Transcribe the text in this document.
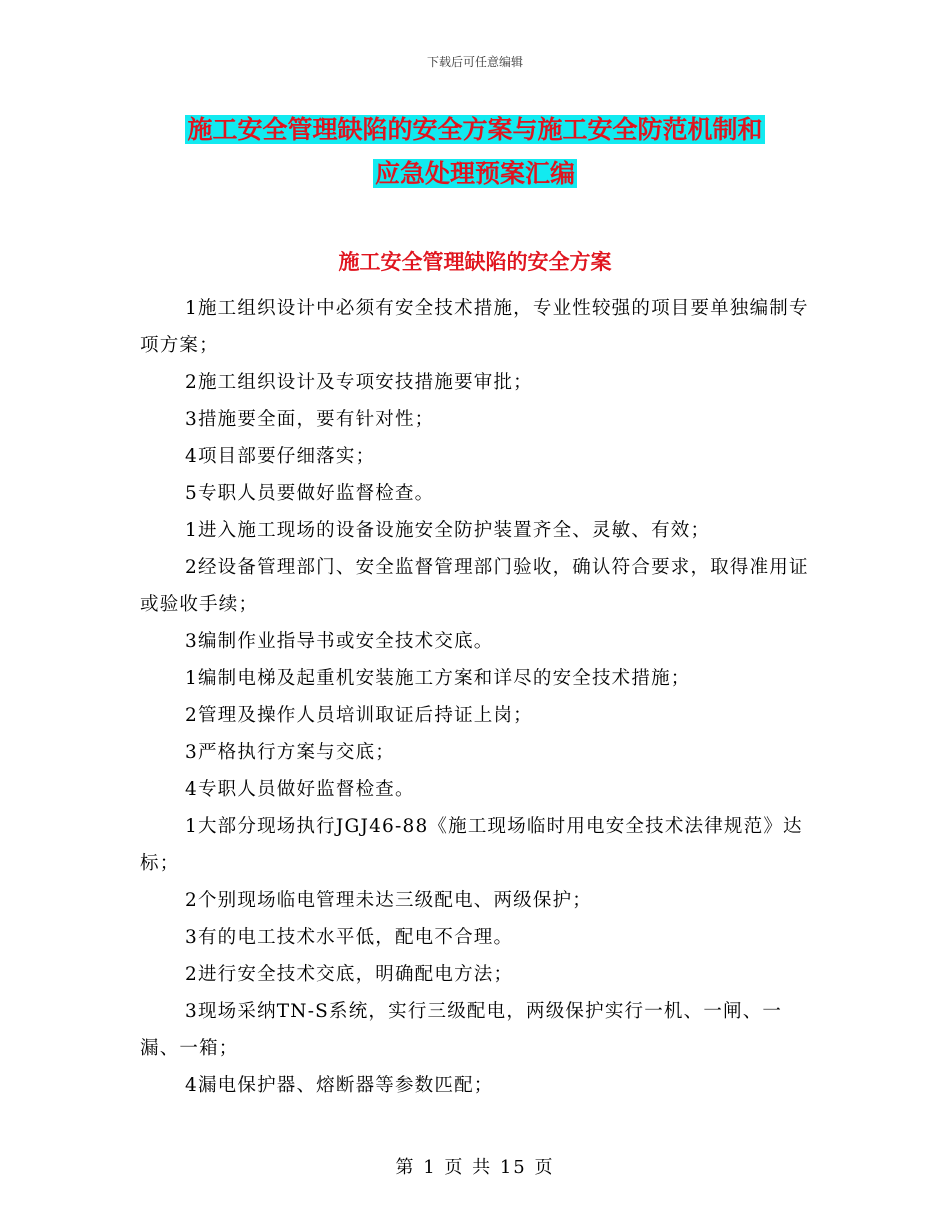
下载后可任意编辑
施工安全管理缺陷的安全方案与施工安全防范机制和
应急处理预案汇编
施工安全管理缺陷的安全方案

1施工组织设计中必须有安全技术措施，专业性较强的项目要单独编制专项方案；

2施工组织设计及专项安技措施要审批；

3措施要全面，要有针对性；

4项目部要仔细落实；

5专职人员要做好监督检查。

1进入施工现场的设备设施安全防护装置齐全、灵敏、有效；

2经设备管理部门、安全监督管理部门验收，确认符合要求，取得准用证或验收手续；

3编制作业指导书或安全技术交底。

1编制电梯及起重机安装施工方案和详尽的安全技术措施；

2管理及操作人员培训取证后持证上岗；

3严格执行方案与交底；

4专职人员做好监督检查。

1大部分现场执行JGJ46-88《施工现场临时用电安全技术法律规范》达标；

2个别现场临电管理未达三级配电、两级保护；

3有的电工技术水平低，配电不合理。

2进行安全技术交底，明确配电方法；

3现场采纳TN-S系统，实行三级配电，两级保护实行一机、一闸、一漏、一箱；

4漏电保护器、熔断器等参数匹配；

第 1 页 共 15 页
